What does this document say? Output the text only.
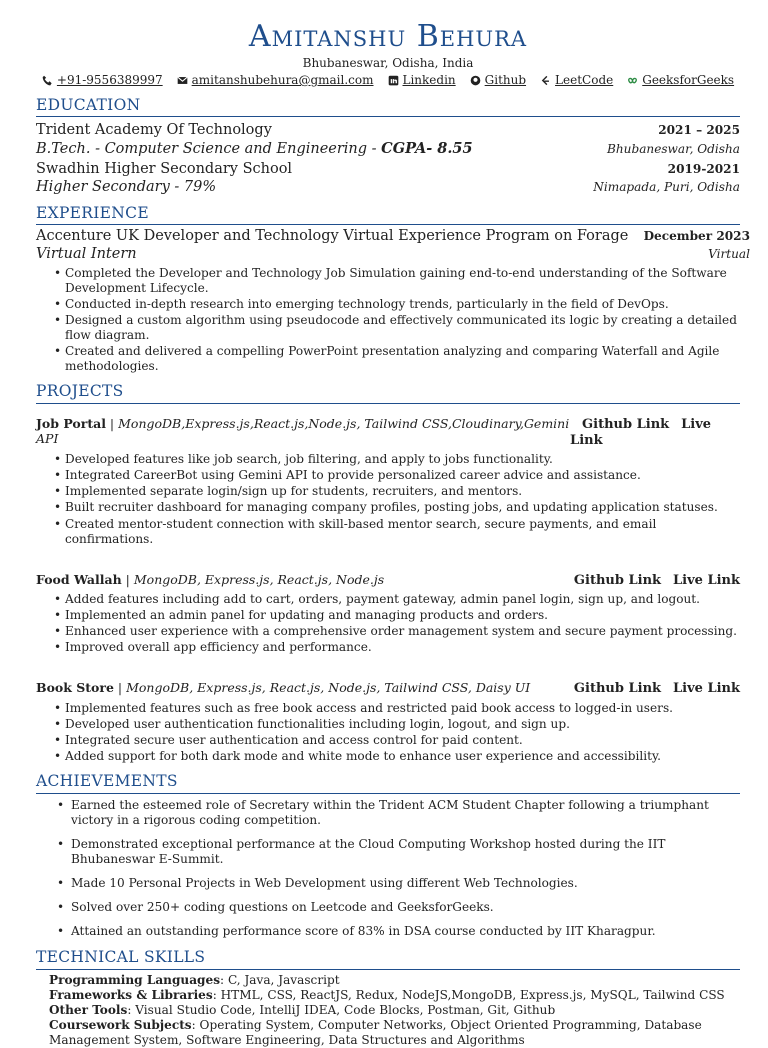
Amitanshu Behura
Bhubaneswar, Odisha, India
+91-9556389997 amitanshubehura@gmail.com Linkedin Github LeetCode GeeksforGeeks
EDUCATION
Trident Academy Of Technology	2021 – 2025
B.Tech. - Computer Science and Engineering - CGPA- 8.55	Bhubaneswar, Odisha
Swadhin Higher Secondary School	2019-2021
Higher Secondary - 79%	Nimapada, Puri, Odisha
EXPERIENCE
Accenture UK Developer and Technology Virtual Experience Program on Forage December 2023
Virtual Intern	Virtual
• Completed the Developer and Technology Job Simulation gaining end-to-end understanding of the Software Development Lifecycle.
• Conducted in-depth research into emerging technology trends, particularly in the field of DevOps.
• Designed a custom algorithm using pseudocode and effectively communicated its logic by creating a detailed flow diagram.
• Created and delivered a compelling PowerPoint presentation analyzing and comparing Waterfall and Agile methodologies.
PROJECTS
Job Portal | MongoDB,Express.js,React.js,Node.js, Tailwind CSS,Cloudinary,Gemini API
Github Link Live Link
• Developed features like job search, job filtering, and apply to jobs functionality.
• Integrated CareerBot using Gemini API to provide personalized career advice and assistance.
• Implemented separate login/sign up for students, recruiters, and mentors.
• Built recruiter dashboard for managing company profiles, posting jobs, and updating application statuses.
• Created mentor-student connection with skill-based mentor search, secure payments, and email confirmations.
Food Wallah | MongoDB, Express.js, React.js, Node.js	Github Link Live Link
• Added features including add to cart, orders, payment gateway, admin panel login, sign up, and logout.
• Implemented an admin panel for updating and managing products and orders.
• Enhanced user experience with a comprehensive order management system and secure payment processing.
• Improved overall app efficiency and performance.
Book Store | MongoDB, Express.js, React.js, Node.js, Tailwind CSS, Daisy UI	Github Link Live Link
• Implemented features such as free book access and restricted paid book access to logged-in users.
• Developed user authentication functionalities including login, logout, and sign up.
• Integrated secure user authentication and access control for paid content.
• Added support for both dark mode and white mode to enhance user experience and accessibility.
ACHIEVEMENTS
• Earned the esteemed role of Secretary within the Trident ACM Student Chapter following a triumphant victory in a rigorous coding competition.
• Demonstrated exceptional performance at the Cloud Computing Workshop hosted during the IIT Bhubaneswar E-Summit.
• Made 10 Personal Projects in Web Development using different Web Technologies.
• Solved over 250+ coding questions on Leetcode and GeeksforGeeks.
• Attained an outstanding performance score of 83% in DSA course conducted by IIT Kharagpur.
TECHNICAL SKILLS

Programming Languages: C, Java, Javascript

Frameworks & Libraries: HTML, CSS, ReactJS, Redux, NodeJS,MongoDB, Express.js, MySQL, Tailwind CSS

Other Tools: Visual Studio Code, IntelliJ IDEA, Code Blocks, Postman, Git, Github

Coursework Subjects: Operating System, Computer Networks, Object Oriented Programming, Database Management System, Software Engineering, Data Structures and Algorithms
